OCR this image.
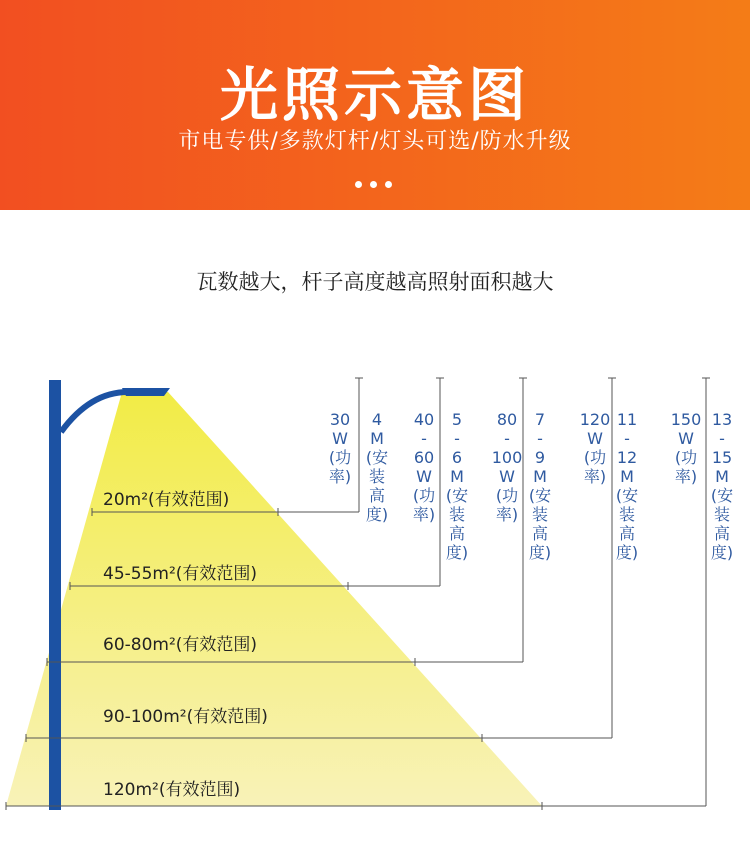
光照示意图
市电专供/多款灯杆/灯头可选/防水升级
瓦数越大，杆子高度越高照射面积越大
20m²(有效范围)
30
W
(功
率)
4
M
(安
装
高
度)
45-55m²(有效范围)
40
-
60
W
(功
率)
5
-
6
M
(安
装
高
度)
60-80m²(有效范围)
80
-
100
W
(功
率)
7
-
9
M
(安
装
高
度)
90-100m²(有效范围)
120
W
(功
率)
11
-
12
M
(安
装
高
度)
120m²(有效范围)
150
W
(功
率)
13
-
15
M
(安
装
高
度)
